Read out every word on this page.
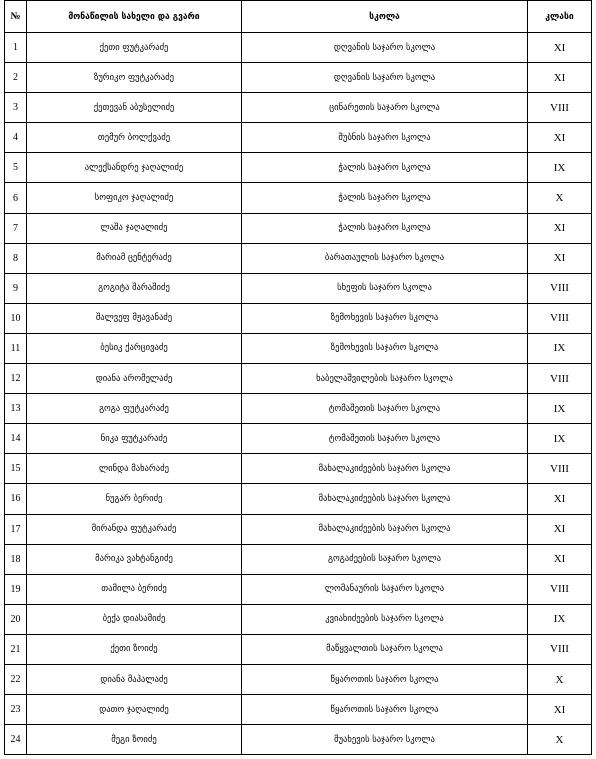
№	მონაწილის სახელი და გვარი	სკოლა	კლასი
1	ქეთი ფუტკარაძე	დღვანის საჯარო სკოლა	XI
2	ზურიკო ფუტკარაძე	დღვანის საჯარო სკოლა	XI
3	ქეთევან აბუსელიძე	ცინარეთის საჯარო სკოლა	VIII
4	თემურ ბოლქვაძე	შუბნის საჯარო სკოლა	XI
5	ალექსანდრე ჯაღალიძე	ჭალის საჯარო სკოლა	IX
6	სოფიკო ჯაღალიძე	ჭალის საჯარო სკოლა	X
7	ლაშა ჯაღალიძე	ჭალის საჯარო სკოლა	XI
8	მარიამ ცენტერაძე	ბარათაულის საჯარო სკოლა	XI
9	გოგიტა შარაშიძე	სხეფის საჯარო სკოლა	VIII
10	შალვეფ მჟავანაძე	ზემოხევის საჯარო სკოლა	VIII
11	ბესიკ ქარცივაძე	ზემოხევის საჯარო სკოლა	IX
12	დიანა არომელაძე	ხაბელაშვილების საჯარო სკოლა	VIII
13	გოგა ფუტკარაძე	ტომაშეთის საჯარო სკოლა	IX
14	ნიკა ფუტკარაძე	ტომაშეთის საჯარო სკოლა	IX
15	ლინდა მახარაძე	მახალაკიძეების საჯარო სკოლა	VIII
16	ნუგარ ბერიძე	მახალაკიძეების საჯარო სკოლა	XI
17	მირანდა ფუტკარაძე	მახალაკიძეების საჯარო სკოლა	XI
18	მარიკა ვახტანგიძე	გოგაძეების საჯარო სკოლა	XI
19	თამილა ბერიძე	ლომანაურის საჯარო სკოლა	VIII
20	ბექა დიასამიძე	კვიახიძეების საჯარო სკოლა	IX
21	ქეთი ზოიძე	მაწყვალთის საჯარო სკოლა	VIII
22	დიანა მაჰალაძე	წყაროთის საჯარო სკოლა	X
23	დათო ჯაღალიძე	წყაროთის საჯარო სკოლა	XI
24	მეგი ზოიძე	შუახევის საჯარო სკოლა	X
